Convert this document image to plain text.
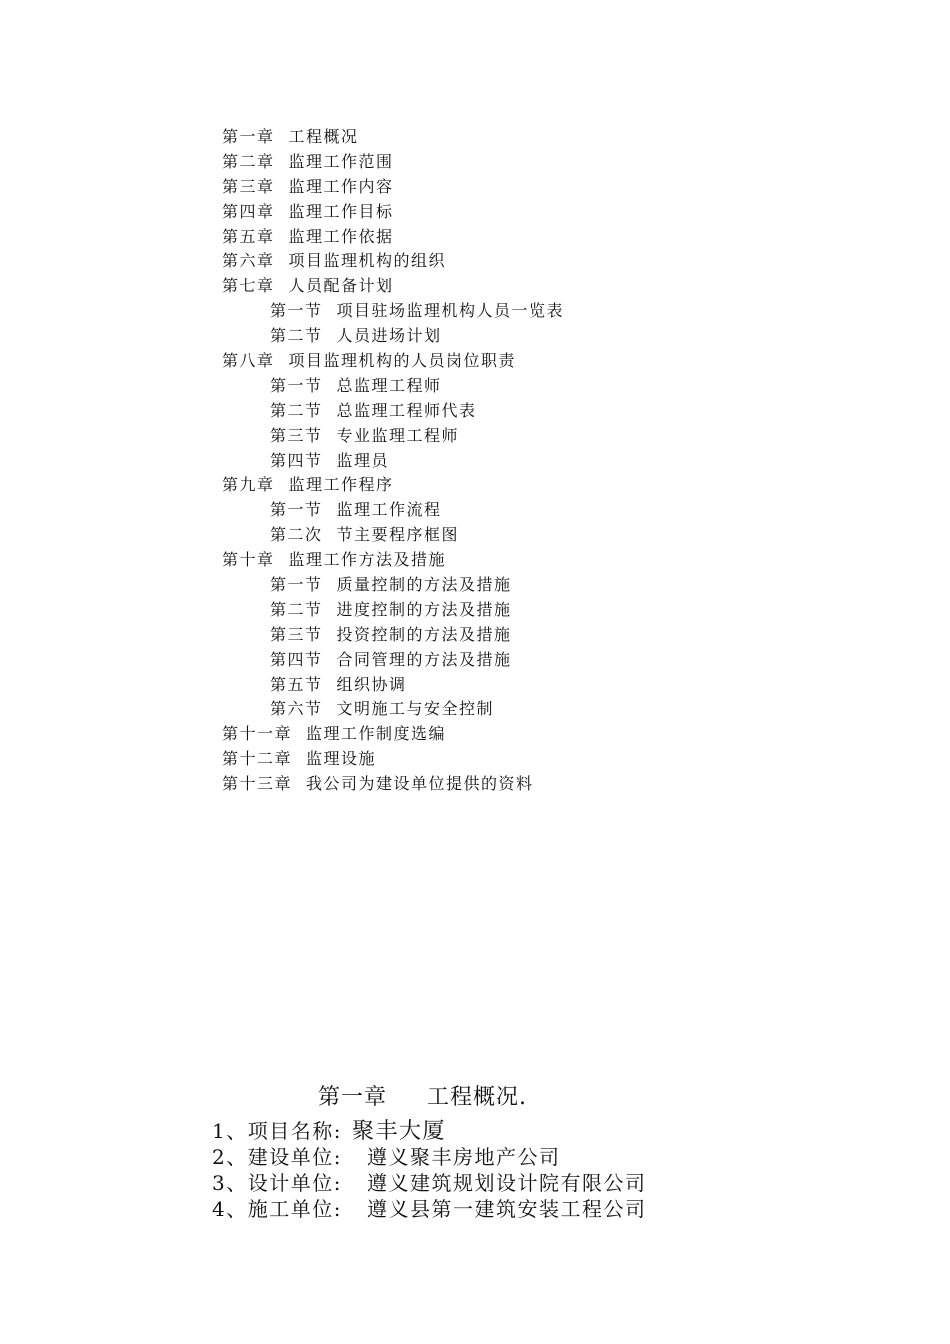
第一章 工程概况
第二章 监理工作范围
第三章 监理工作内容
第四章 监理工作目标
第五章 监理工作依据
第六章 项目监理机构的组织
第七章 人员配备计划
第一节 项目驻场监理机构人员一览表
第二节 人员进场计划
第八章 项目监理机构的人员岗位职责
第一节 总监理工程师
第二节 总监理工程师代表
第三节 专业监理工程师
第四节 监理员
第九章 监理工作程序
第一节 监理工作流程
第二次 节主要程序框图
第十章 监理工作方法及措施
第一节 质量控制的方法及措施
第二节 进度控制的方法及措施
第三节 投资控制的方法及措施
第四节 合同管理的方法及措施
第五节 组织协调
第六节 文明施工与安全控制
第十一章 监理工作制度选编
第十二章 监理设施
第十三章 我公司为建设单位提供的资料
第一章 工程概况.
1、项目名称: 聚丰大厦
2、建设单位: 遵义聚丰房地产公司
3、设计单位: 遵义建筑规划设计院有限公司
4、施工单位: 遵义县第一建筑安装工程公司
